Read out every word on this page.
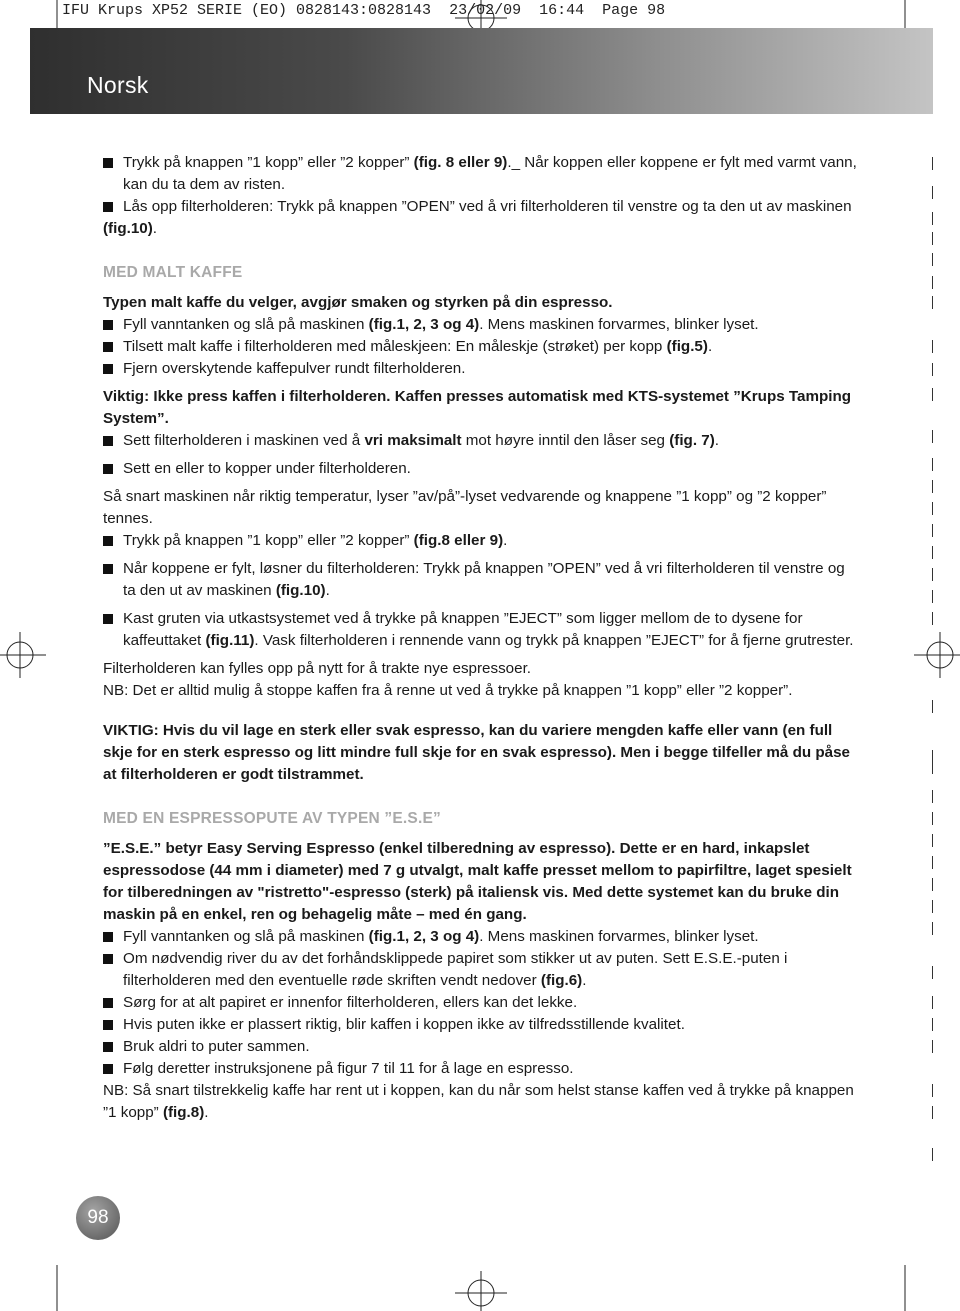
IFU Krups XP52 SERIE (EO) 0828143:0828143  23/02/09  16:44  Page 98
Norsk

Trykk på knappen ”1 kopp” eller ”2 kopper” (fig. 8 eller 9)._ Når koppen eller koppene er fylt med varmt vann, kan du ta dem av risten.

Lås opp filterholderen: Trykk på knappen ”OPEN” ved å vri filterholderen til venstre og ta den ut av maskinen (fig.10).

MED MALT KAFFE

Typen malt kaffe du velger, avgjør smaken og styrken på din espresso.

Fyll vanntanken og slå på maskinen (fig.1, 2, 3 og 4). Mens maskinen forvarmes, blinker lyset.

Tilsett malt kaffe i filterholderen med måleskjeen: En måleskje (strøket) per kopp (fig.5).

Fjern overskytende kaffepulver rundt filterholderen.

Viktig: Ikke press kaffen i filterholderen. Kaffen presses automatisk med KTS-systemet ”Krups Tamping System”.

Sett filterholderen i maskinen ved å vri maksimalt mot høyre inntil den låser seg (fig. 7).

Sett en eller to kopper under filterholderen.

Så snart maskinen når riktig temperatur, lyser ”av/på”-lyset vedvarende og knappene ”1 kopp” og ”2 kopper” tennes.

Trykk på knappen ”1 kopp” eller ”2 kopper” (fig.8 eller 9).

Når koppene er fylt, løsner du filterholderen: Trykk på knappen ”OPEN” ved å vri filterholderen til venstre og ta den ut av maskinen (fig.10).

Kast gruten via utkastsystemet ved å trykke på knappen ”EJECT” som ligger mellom de to dysene for kaffeuttaket (fig.11). Vask filterholderen i rennende vann og trykk på knappen ”EJECT” for å fjerne grutrester.

Filterholderen kan fylles opp på nytt for å trakte nye espressoer.

NB: Det er alltid mulig å stoppe kaffen fra å renne ut ved å trykke på knappen ”1 kopp” eller ”2 kopper”.

VIKTIG: Hvis du vil lage en sterk eller svak espresso, kan du variere mengden kaffe eller vann (en full skje for en sterk espresso og litt mindre full skje for en svak espresso). Men i begge tilfeller må du påse at filterholderen er godt tilstrammet.

MED EN ESPRESSOPUTE AV TYPEN ”E.S.E”

”E.S.E.” betyr Easy Serving Espresso (enkel tilberedning av espresso). Dette er en hard, inkapslet espressodose (44 mm i diameter) med 7 g utvalgt, malt kaffe presset mellom to papirfiltre, laget spesielt for tilberedningen av "ristretto"-espresso (sterk) på italiensk vis. Med dette systemet kan du bruke din maskin på en enkel, ren og behagelig måte – med én gang.

Fyll vanntanken og slå på maskinen (fig.1, 2, 3 og 4). Mens maskinen forvarmes, blinker lyset.

Om nødvendig river du av det forhåndsklippede papiret som stikker ut av puten. Sett E.S.E.-puten i filterholderen med den eventuelle røde skriften vendt nedover (fig.6).

Sørg for at alt papiret er innenfor filterholderen, ellers kan det lekke.

Hvis puten ikke er plassert riktig, blir kaffen i koppen ikke av tilfredsstillende kvalitet.

Bruk aldri to puter sammen.

Følg deretter instruksjonene på figur 7 til 11 for å lage en espresso.

NB: Så snart tilstrekkelig kaffe har rent ut i koppen, kan du når som helst stanse kaffen ved å trykke på knappen ”1 kopp” (fig.8).

98
